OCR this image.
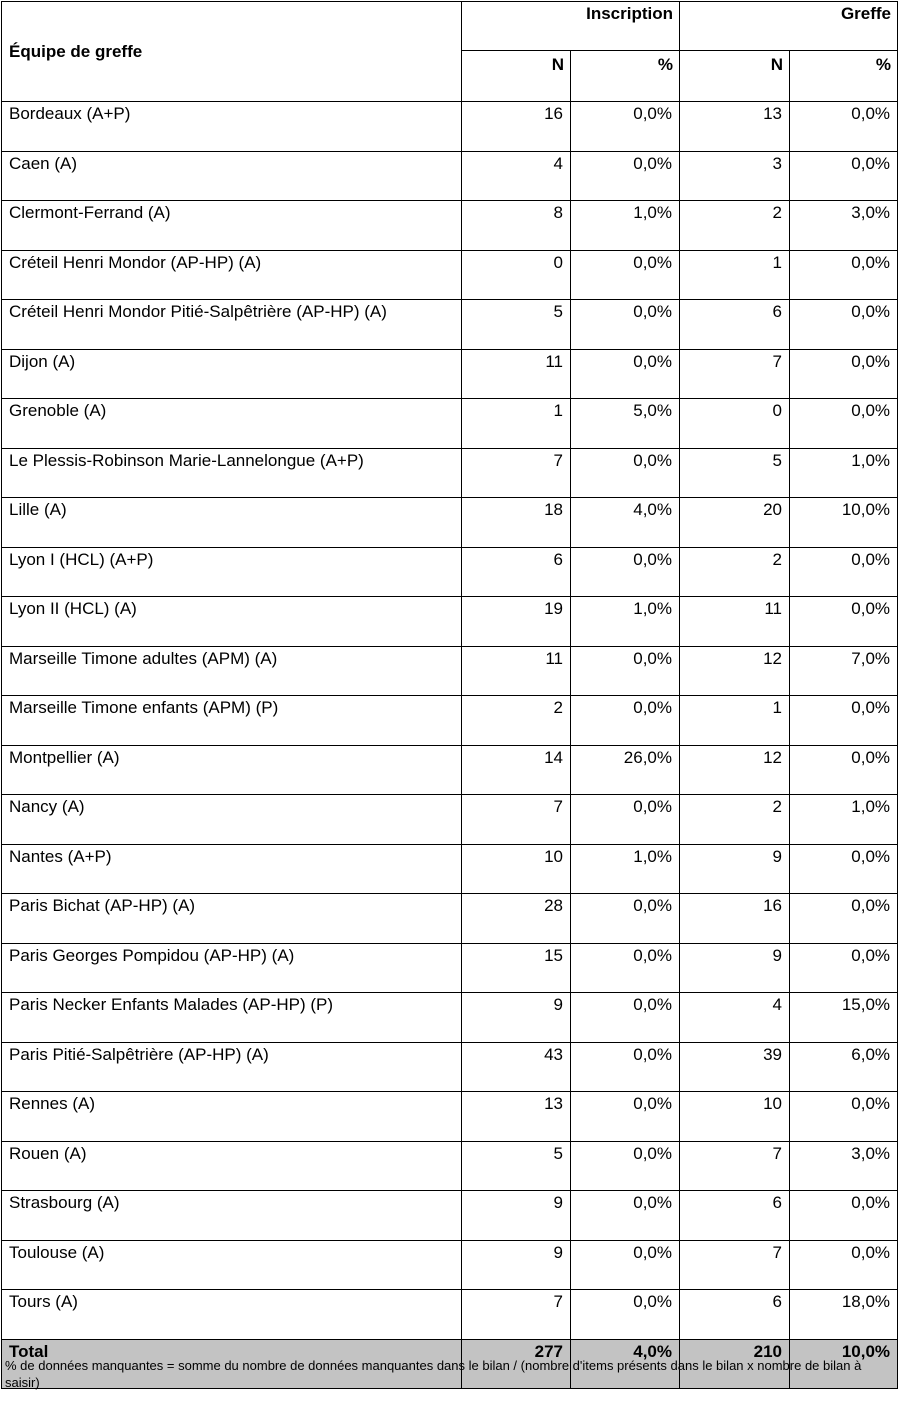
Équipe de greffe	Inscription		Greffe	
	N	%	N	%
Bordeaux (A+P)	16	0,0%	13	0,0%
Caen (A)	4	0,0%	3	0,0%
Clermont-Ferrand (A)	8	1,0%	2	3,0%
Créteil Henri Mondor (AP-HP) (A)	0	0,0%	1	0,0%
Créteil Henri Mondor Pitié-Salpêtrière (AP-HP) (A)	5	0,0%	6	0,0%
Dijon (A)	11	0,0%	7	0,0%
Grenoble (A)	1	5,0%	0	0,0%
Le Plessis-Robinson Marie-Lannelongue (A+P)	7	0,0%	5	1,0%
Lille (A)	18	4,0%	20	10,0%
Lyon I (HCL) (A+P)	6	0,0%	2	0,0%
Lyon II (HCL) (A)	19	1,0%	11	0,0%
Marseille Timone adultes (APM) (A)	11	0,0%	12	7,0%
Marseille Timone enfants (APM) (P)	2	0,0%	1	0,0%
Montpellier (A)	14	26,0%	12	0,0%
Nancy (A)	7	0,0%	2	1,0%
Nantes (A+P)	10	1,0%	9	0,0%
Paris Bichat (AP-HP) (A)	28	0,0%	16	0,0%
Paris Georges Pompidou (AP-HP) (A)	15	0,0%	9	0,0%
Paris Necker Enfants Malades (AP-HP) (P)	9	0,0%	4	15,0%
Paris Pitié-Salpêtrière (AP-HP) (A)	43	0,0%	39	6,0%
Rennes (A)	13	0,0%	10	0,0%
Rouen (A)	5	0,0%	7	3,0%
Strasbourg (A)	9	0,0%	6	0,0%
Toulouse (A)	9	0,0%	7	0,0%
Tours (A)	7	0,0%	6	18,0%
Total	277	4,0%	210	10,0%
% de données manquantes = somme du nombre de données manquantes dans le bilan / (nombre d'items présents dans le bilan x nombre de bilan à saisir)
